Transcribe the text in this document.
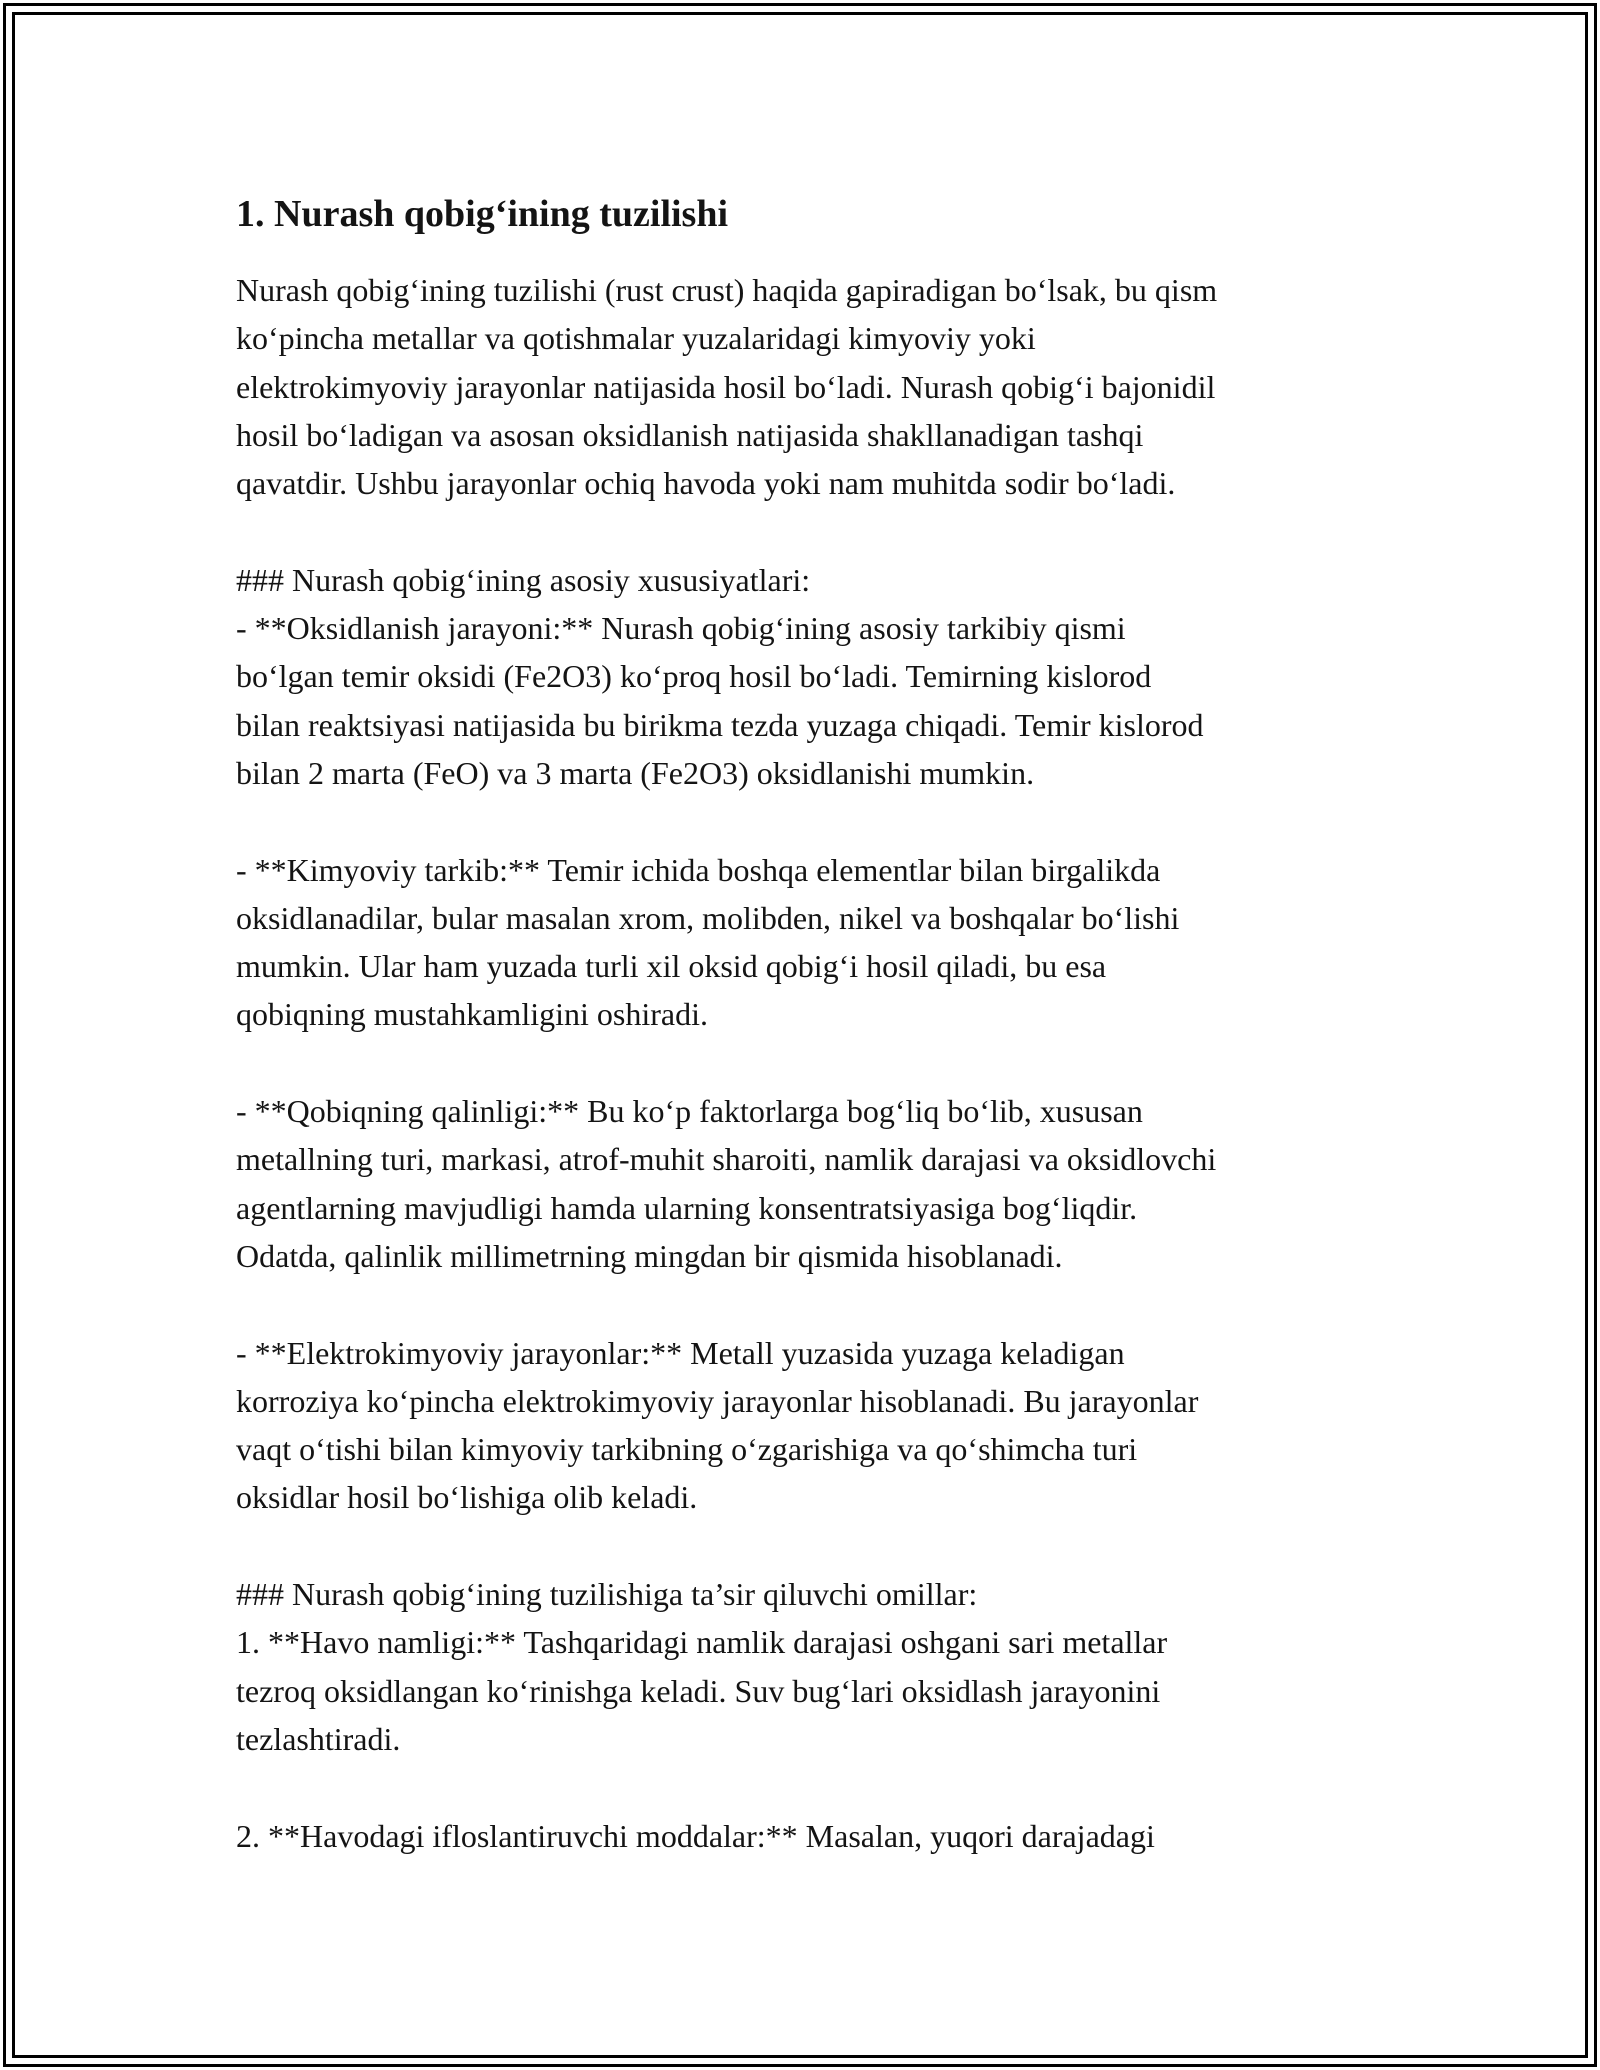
1. Nurash qobig‘ining tuzilishi

Nurash qobig‘ining tuzilishi (rust crust) haqida gapiradigan bo‘lsak, bu qism
ko‘pincha metallar va qotishmalar yuzalaridagi kimyoviy yoki
elektrokimyoviy jarayonlar natijasida hosil bo‘ladi. Nurash qobig‘i bajonidil
hosil bo‘ladigan va asosan oksidlanish natijasida shakllanadigan tashqi
qavatdir. Ushbu jarayonlar ochiq havoda yoki nam muhitda sodir bo‘ladi.

### Nurash qobig‘ining asosiy xususiyatlari:
- **Oksidlanish jarayoni:** Nurash qobig‘ining asosiy tarkibiy qismi
bo‘lgan temir oksidi (Fe2O3) ko‘proq hosil bo‘ladi. Temirning kislorod
bilan reaktsiyasi natijasida bu birikma tezda yuzaga chiqadi. Temir kislorod
bilan 2 marta (FeO) va 3 marta (Fe2O3) oksidlanishi mumkin.

- **Kimyoviy tarkib:** Temir ichida boshqa elementlar bilan birgalikda
oksidlanadilar, bular masalan xrom, molibden, nikel va boshqalar bo‘lishi
mumkin. Ular ham yuzada turli xil oksid qobig‘i hosil qiladi, bu esa
qobiqning mustahkamligini oshiradi.

- **Qobiqning qalinligi:** Bu ko‘p faktorlarga bog‘liq bo‘lib, xususan
metallning turi, markasi, atrof-muhit sharoiti, namlik darajasi va oksidlovchi
agentlarning mavjudligi hamda ularning konsentratsiyasiga bog‘liqdir.
Odatda, qalinlik millimetrning mingdan bir qismida hisoblanadi.

- **Elektrokimyoviy jarayonlar:** Metall yuzasida yuzaga keladigan
korroziya ko‘pincha elektrokimyoviy jarayonlar hisoblanadi. Bu jarayonlar
vaqt o‘tishi bilan kimyoviy tarkibning o‘zgarishiga va qo‘shimcha turi
oksidlar hosil bo‘lishiga olib keladi.

### Nurash qobig‘ining tuzilishiga ta’sir qiluvchi omillar:
1. **Havo namligi:** Tashqaridagi namlik darajasi oshgani sari metallar
tezroq oksidlangan ko‘rinishga keladi. Suv bug‘lari oksidlash jarayonini
tezlashtiradi.

2. **Havodagi ifloslantiruvchi moddalar:** Masalan, yuqori darajadagi
